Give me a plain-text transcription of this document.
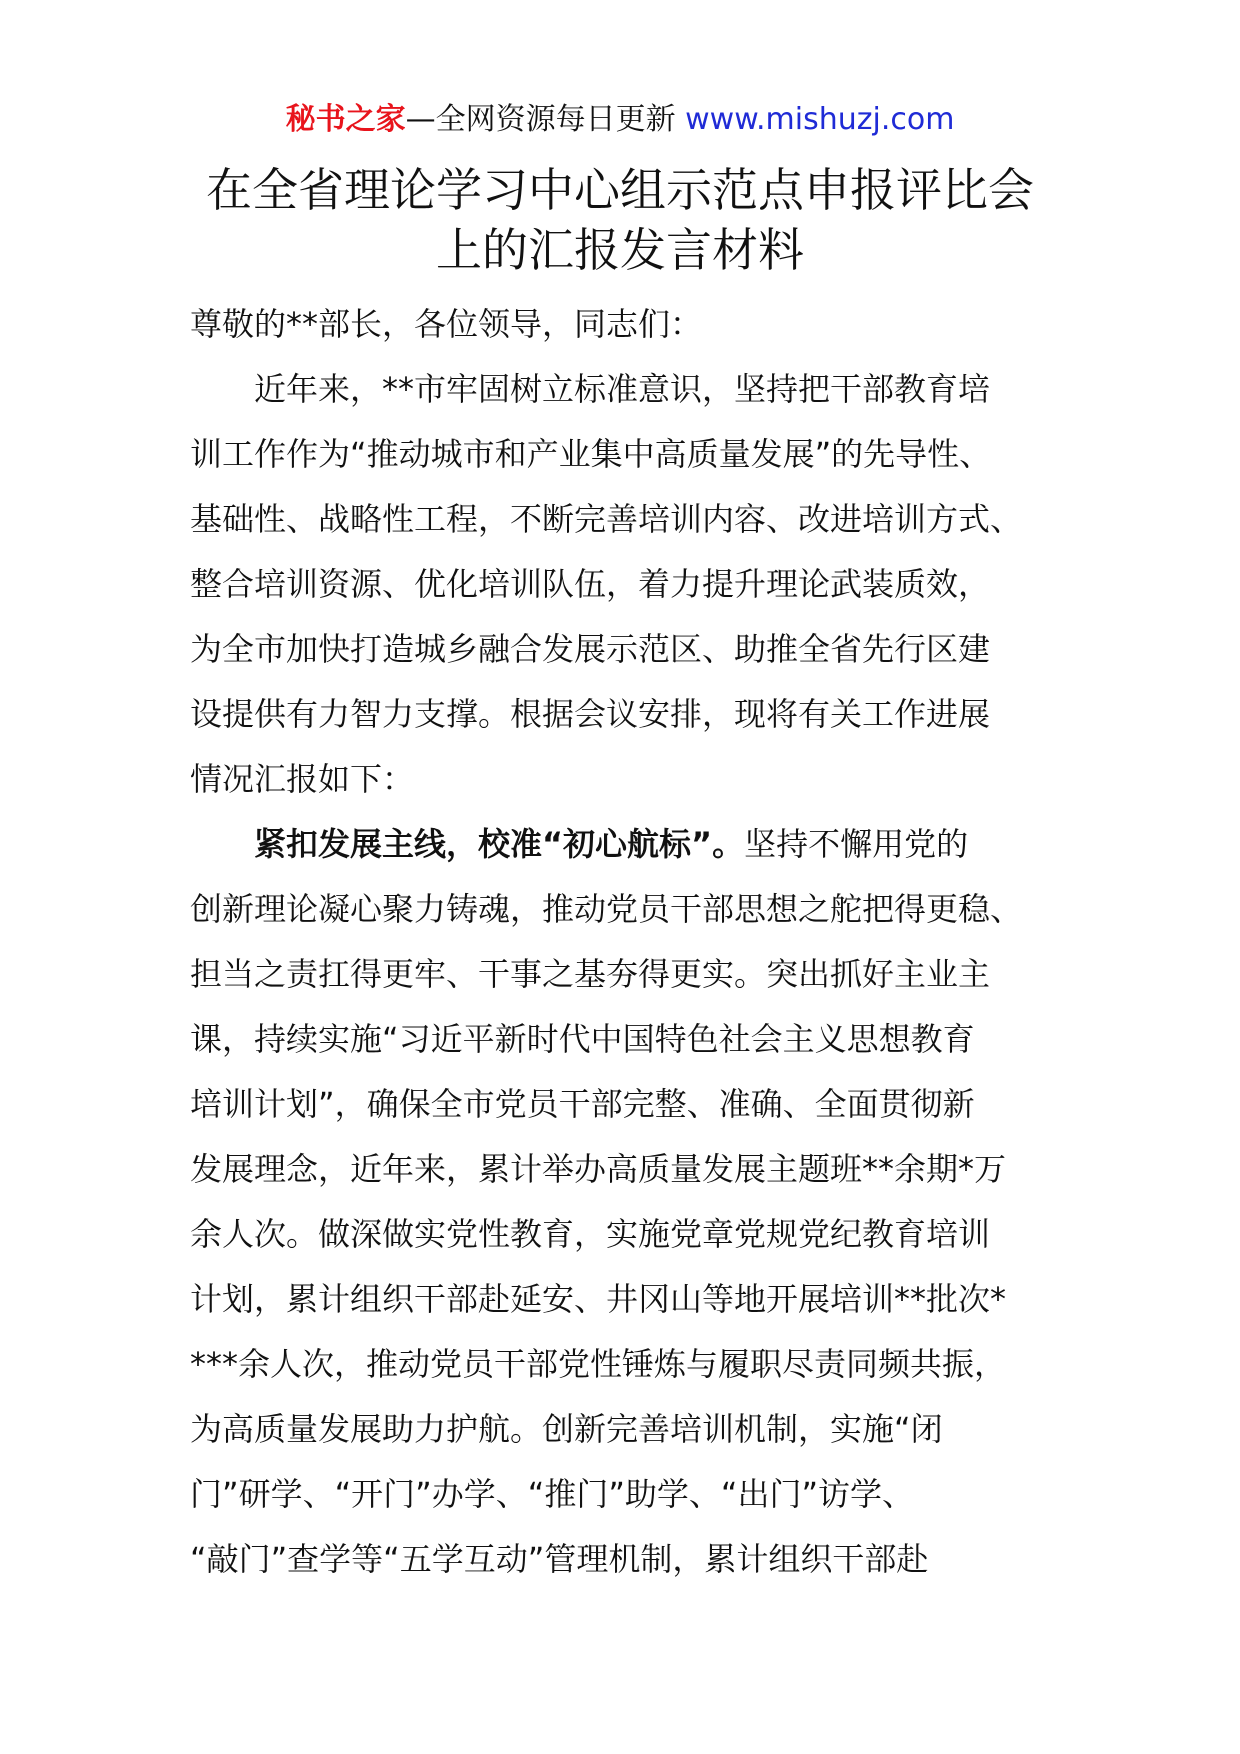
秘书之家—全网资源每日更新 www.mishuzj.com
在全省理论学习中心组示范点申报评比会
上的汇报发言材料
尊敬的**部长，各位领导，同志们：
近年来，**市牢固树立标准意识，坚持把干部教育培
训工作作为“推动城市和产业集中高质量发展”的先导性、
基础性、战略性工程，不断完善培训内容、改进培训方式、
整合培训资源、优化培训队伍，着力提升理论武装质效，
为全市加快打造城乡融合发展示范区、助推全省先行区建
设提供有力智力支撑。根据会议安排，现将有关工作进展
情况汇报如下：
紧扣发展主线，校准“初心航标”。坚持不懈用党的
创新理论凝心聚力铸魂，推动党员干部思想之舵把得更稳、
担当之责扛得更牢、干事之基夯得更实。突出抓好主业主
课，持续实施“习近平新时代中国特色社会主义思想教育
培训计划”，确保全市党员干部完整、准确、全面贯彻新
发展理念，近年来，累计举办高质量发展主题班**余期*万
余人次。做深做实党性教育，实施党章党规党纪教育培训
计划，累计组织干部赴延安、井冈山等地开展培训**批次*
***余人次，推动党员干部党性锤炼与履职尽责同频共振，
为高质量发展助力护航。创新完善培训机制，实施“闭
门”研学、“开门”办学、“推门”助学、“出门”访学、
“敲门”查学等“五学互动”管理机制，累计组织干部赴
